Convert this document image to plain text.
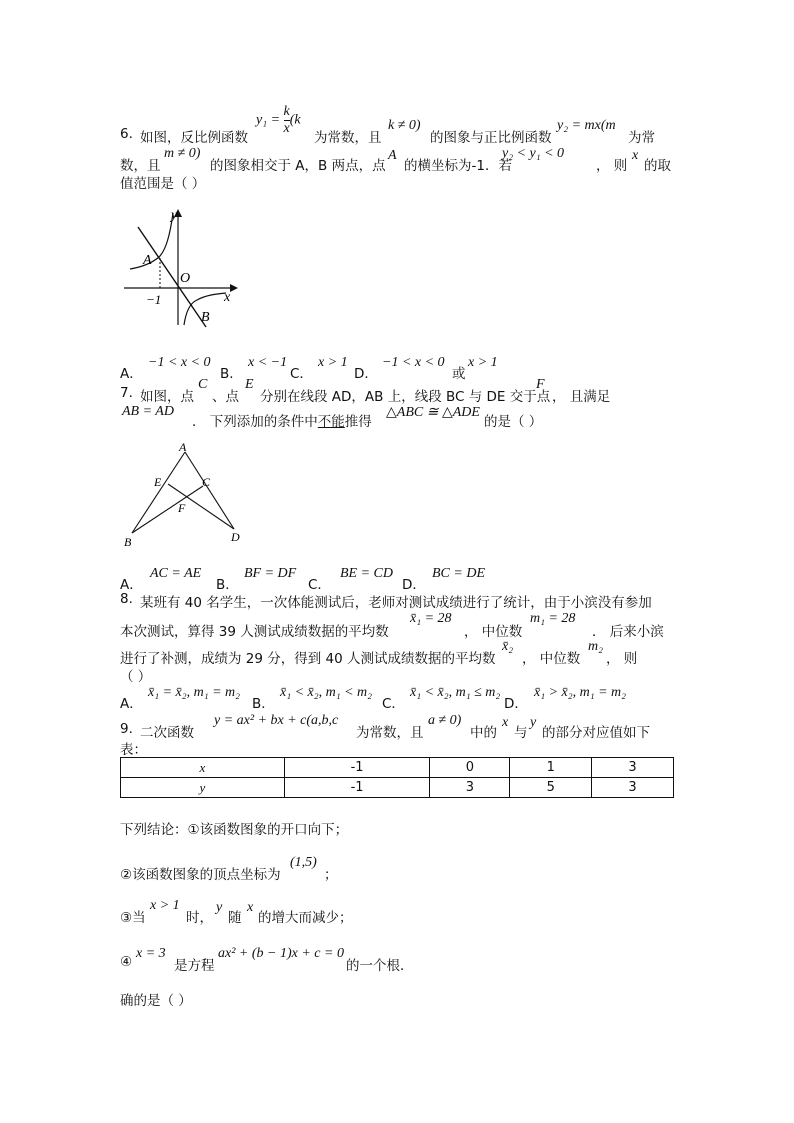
6. 如图，反比例函数
$y_1 = \frac{k}{x} (k$
为常数，且
k ≠ 0)
的图象与正比例函数
y₂ = mx(m
为常
数，且
m ≠ 0)
的图象相交于 A，B 两点，点
A
的横坐标为-1．若
y₂ < y₁ < 0
， 则
x
的取
值范围是（ ）
y
A
O
x
−1
B
A．
−1 < x < 0
B．
x < −1
C．
x > 1
D．
−1 < x < 0
或
x > 1
7. 如图，点
C
、点
E
分别在线段 AD，AB 上，线段 BC 与 DE 交于点
F
， 且满足
AB = AD
． 下列添加的条件中不能推得
△ABC ≅ △ADE
的是（ ）
A
E	C
F
B	D
A．
AC = AE
B．
BF = DF
C．
BE = CD
D．
BC = DE
8. 某班有 40 名学生，一次体能测试后，老师对测试成绩进行了统计，由于小滨没有参加
本次测试，算得 39 人测试成绩数据的平均数
x̄₁ = 28
， 中位数
m₁ = 28
． 后来小滨
进行了补测，成绩为 29 分，得到 40 人测试成绩数据的平均数
x̄₂
， 中位数
m₂
， 则
（ ）
A．
x̄₁ = x̄₂, m₁ = m₂
B．
x̄₁ < x̄₂, m₁ < m₂
C．
x̄₁ < x̄₂, m₁ ≤ m₂
D．
x̄₁ > x̄₂, m₁ = m₂
9. 二次函数
y = ax² + bx + c(a,b,c
为常数，且
a ≠ 0)
中的
x
与
y
的部分对应值如下
表：
x	-1	0	1	3
y	-1	3	5	3
下列结论：①该函数图象的开口向下；
②该函数图象的顶点坐标为
(1,5)
；
③当
x > 1
时，
y
随
x
的增大而减少；
④
x = 3
是方程
ax² + (b − 1)x + c = 0
的一个根．
确的是（ ）
